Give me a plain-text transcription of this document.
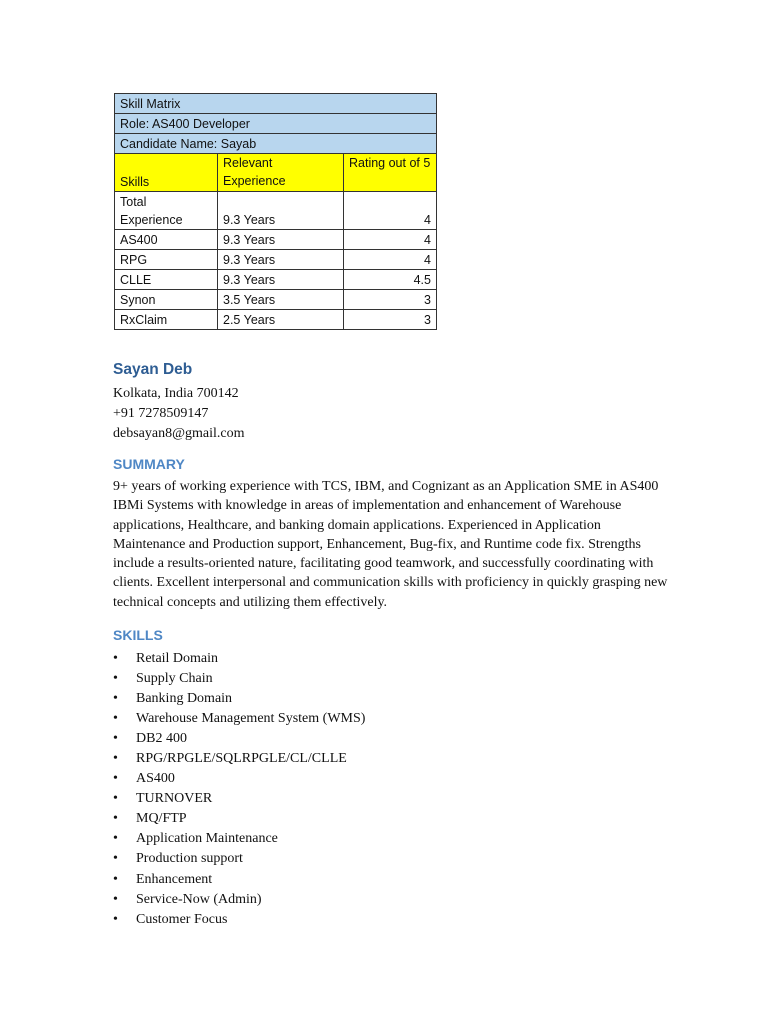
Skill Matrix		
Role: AS400 Developer		
Candidate Name: Sayab		
Skills	Relevant Experience	Rating out of 5
Total Experience	9.3 Years	4
AS400	9.3 Years	4
RPG	9.3 Years	4
CLLE	9.3 Years	4.5
Synon	3.5 Years	3
RxClaim	2.5 Years	3
Sayan Deb
Kolkata, India 700142
+91 7278509147
debsayan8@gmail.com
SUMMARY

9+ years of working experience with TCS, IBM, and Cognizant as an Application SME in AS400 IBMi Systems with knowledge in areas of implementation and enhancement of Warehouse applications, Healthcare, and banking domain applications. Experienced in Application Maintenance and Production support, Enhancement, Bug-fix, and Runtime code fix. Strengths include a results-oriented nature, facilitating good teamwork, and successfully coordinating with clients. Excellent interpersonal and communication skills with proficiency in quickly grasping new technical concepts and utilizing them effectively.

SKILLS
•	Retail Domain
•	Supply Chain
•	Banking Domain
•	Warehouse Management System (WMS)
•	DB2 400
•	RPG/RPGLE/SQLRPGLE/CL/CLLE
•	AS400
•	TURNOVER
•	MQ/FTP
•	Application Maintenance
•	Production support
•	Enhancement
•	Service-Now (Admin)
•	Customer Focus
